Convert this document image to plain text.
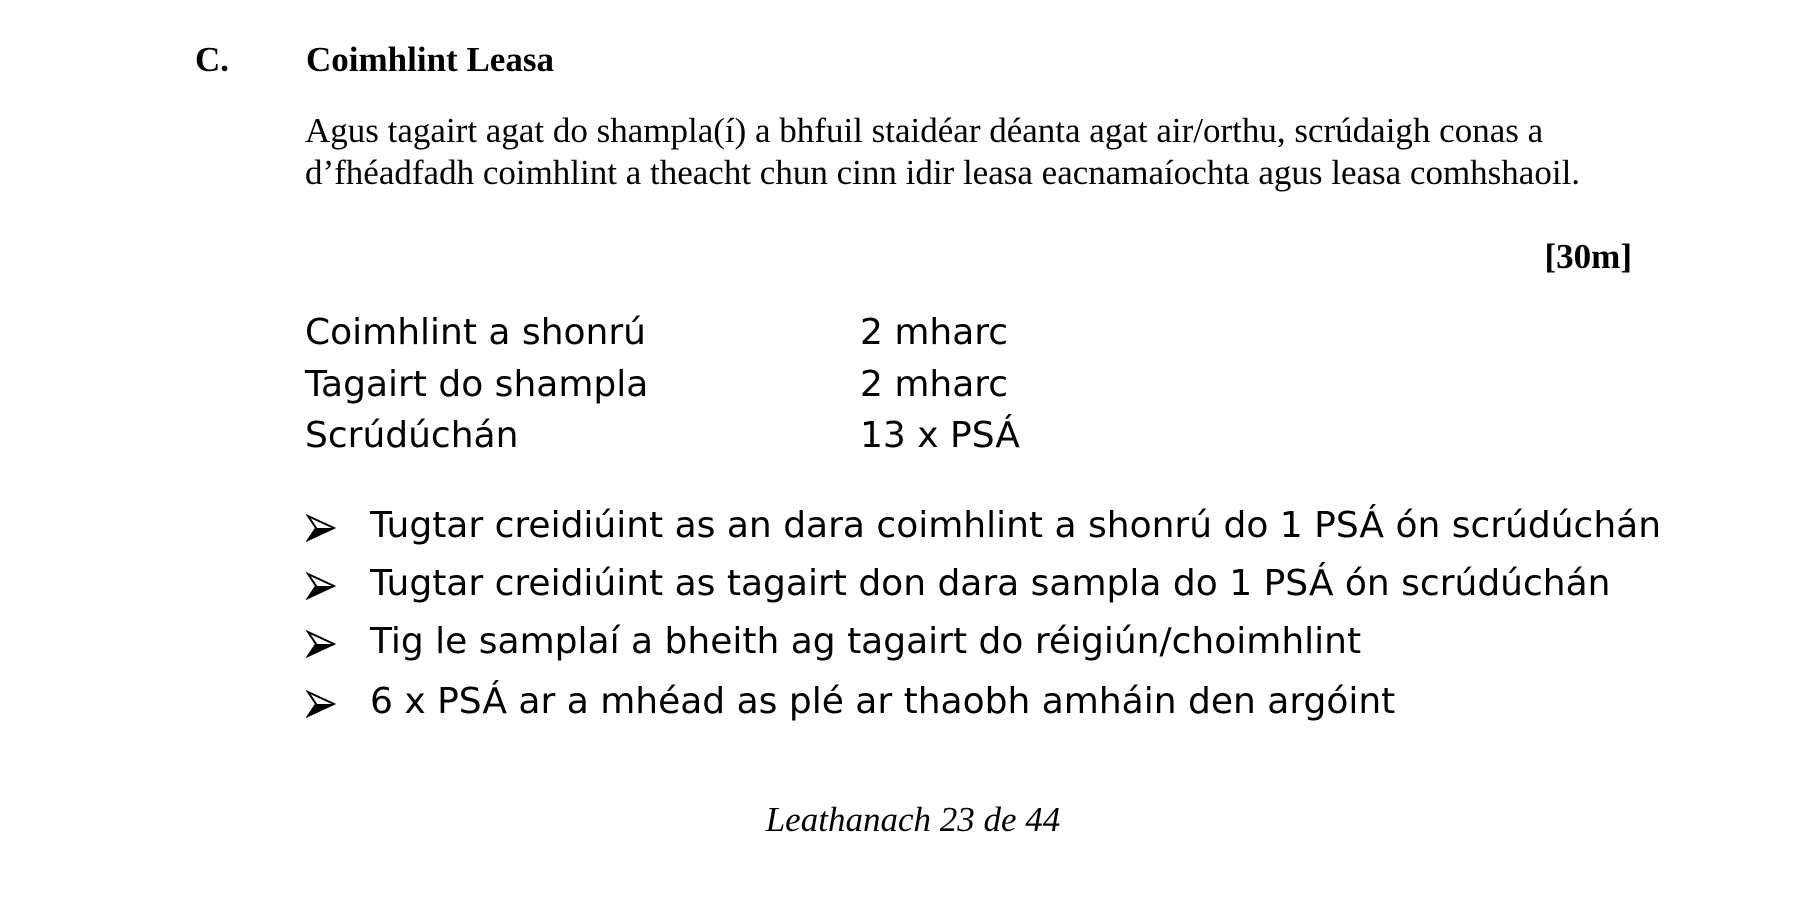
C. Coimhlint Leasa
Agus tagairt agat do shampla(í) a bhfuil staidéar déanta agat air/orthu, scrúdaigh conas a d’fhéadfadh coimhlint a theacht chun cinn idir leasa eacnamaíochta agus leasa comhshaoil.
[30m]
Coimhlint a shonrú	2 mharc
Tagairt do shampla	2 mharc
Scrúdúchán	13 x PSÁ
Tugtar creidiúint as an dara coimhlint a shonrú do 1 PSÁ ón scrúdúchán
Tugtar creidiúint as tagairt don dara sampla do 1 PSÁ ón scrúdúchán
Tig le samplaí a bheith ag tagairt do réigiún/choimhlint
6 x PSÁ ar a mhéad as plé ar thaobh amháin den argóint
Leathanach 23 de 44
